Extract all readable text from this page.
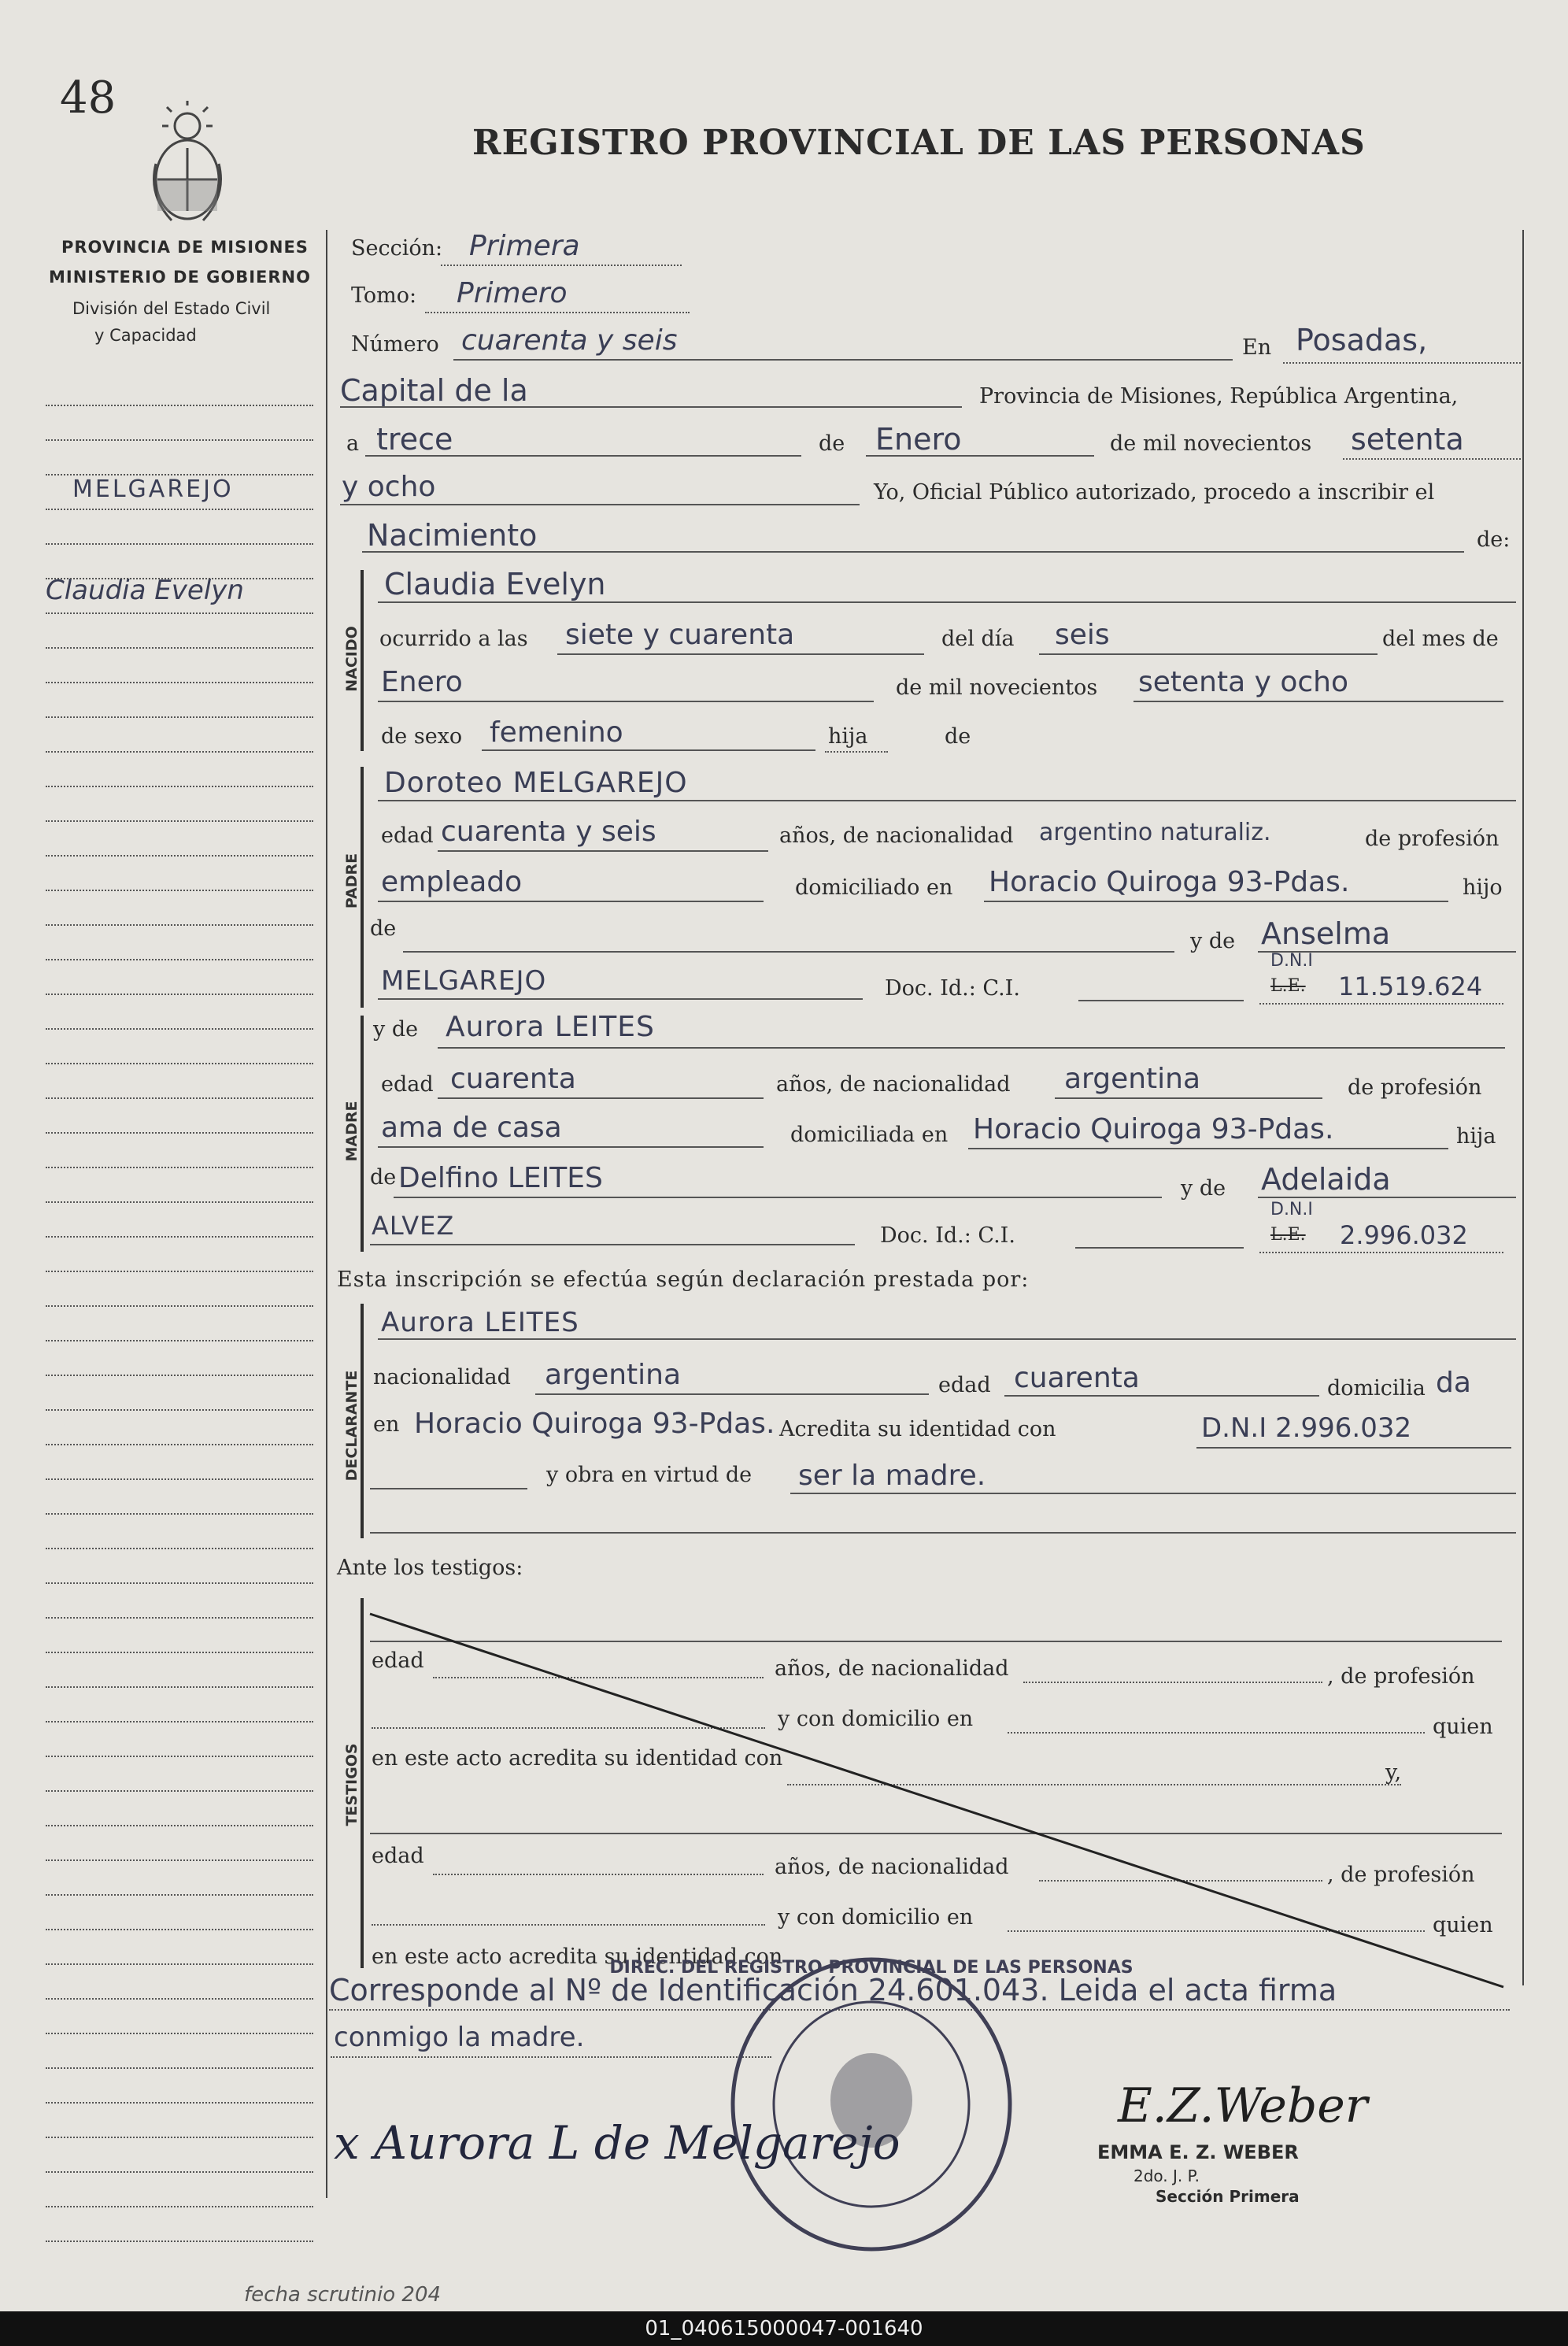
48
PROVINCIA DE MISIONES
MINISTERIO DE GOBIERNO
División del Estado Civil
y Capacidad
REGISTRO PROVINCIAL DE LAS PERSONAS
MELGAREJO
Claudia Evelyn
Sección: Primera
Tomo: Primero
Número cuarenta y seis	En Posadas,
Capital de la	Provincia de Misiones, República Argentina,
a trece	de Enero	de mil novecientos setenta
y ocho	Yo, Oficial Público autorizado, procedo a inscribir el
Nacimiento	de:
NACIDO
Claudia Evelyn
ocurrido a las siete y cuarenta	del día seis	del mes de
Enero	de mil novecientos setenta y ocho
de sexo femenino	hija	de
PADRE
Doroteo MELGAREJO
edad cuarenta y seis	años, de nacionalidad argentino naturaliz.	de profesión
empleado	domiciliado en Horacio Quiroga 93-Pdas.	hijo
de
y de Anselma
MELGAREJO	Doc. Id.: C.I.
D.N.I
L.E. 11.519.624
MADRE
y de Aurora LEITES
edad cuarenta	años, de nacionalidad argentina	de profesión
ama de casa	domiciliada en Horacio Quiroga 93-Pdas.	hija
de Delfino LEITES	y de Adelaida
ALVEZ	Doc. Id.: C.I.
D.N.I
L.E. 2.996.032
Esta inscripción se efectúa según declaración prestada por:
DECLARANTE
Aurora LEITES
nacionalidad argentina	edad cuarenta	domicilia da
en Horacio Quiroga 93-Pdas. Acredita su identidad con	D.N.I 2.996.032
y obra en virtud de ser la madre.
Ante los testigos:
TESTIGOS
edad	años, de nacionalidad	, de profesión
y con domicilio en	quien
en este acto acredita su identidad con
y,
edad	años, de nacionalidad	, de profesión
y con domicilio en	quien
en este acto acredita su identidad con
Corresponde al Nº de Identificación 24.601.043. Leida el acta firma
conmigo la madre.
DIREC. DEL REGISTRO PROVINCIAL DE LAS PERSONAS
x Aurora L de Melgarejo
E.Z.Weber
EMMA E. Z. WEBER
2do. J. P.
Sección Primera
fecha scrutinio 204
01_040615000047-001640
